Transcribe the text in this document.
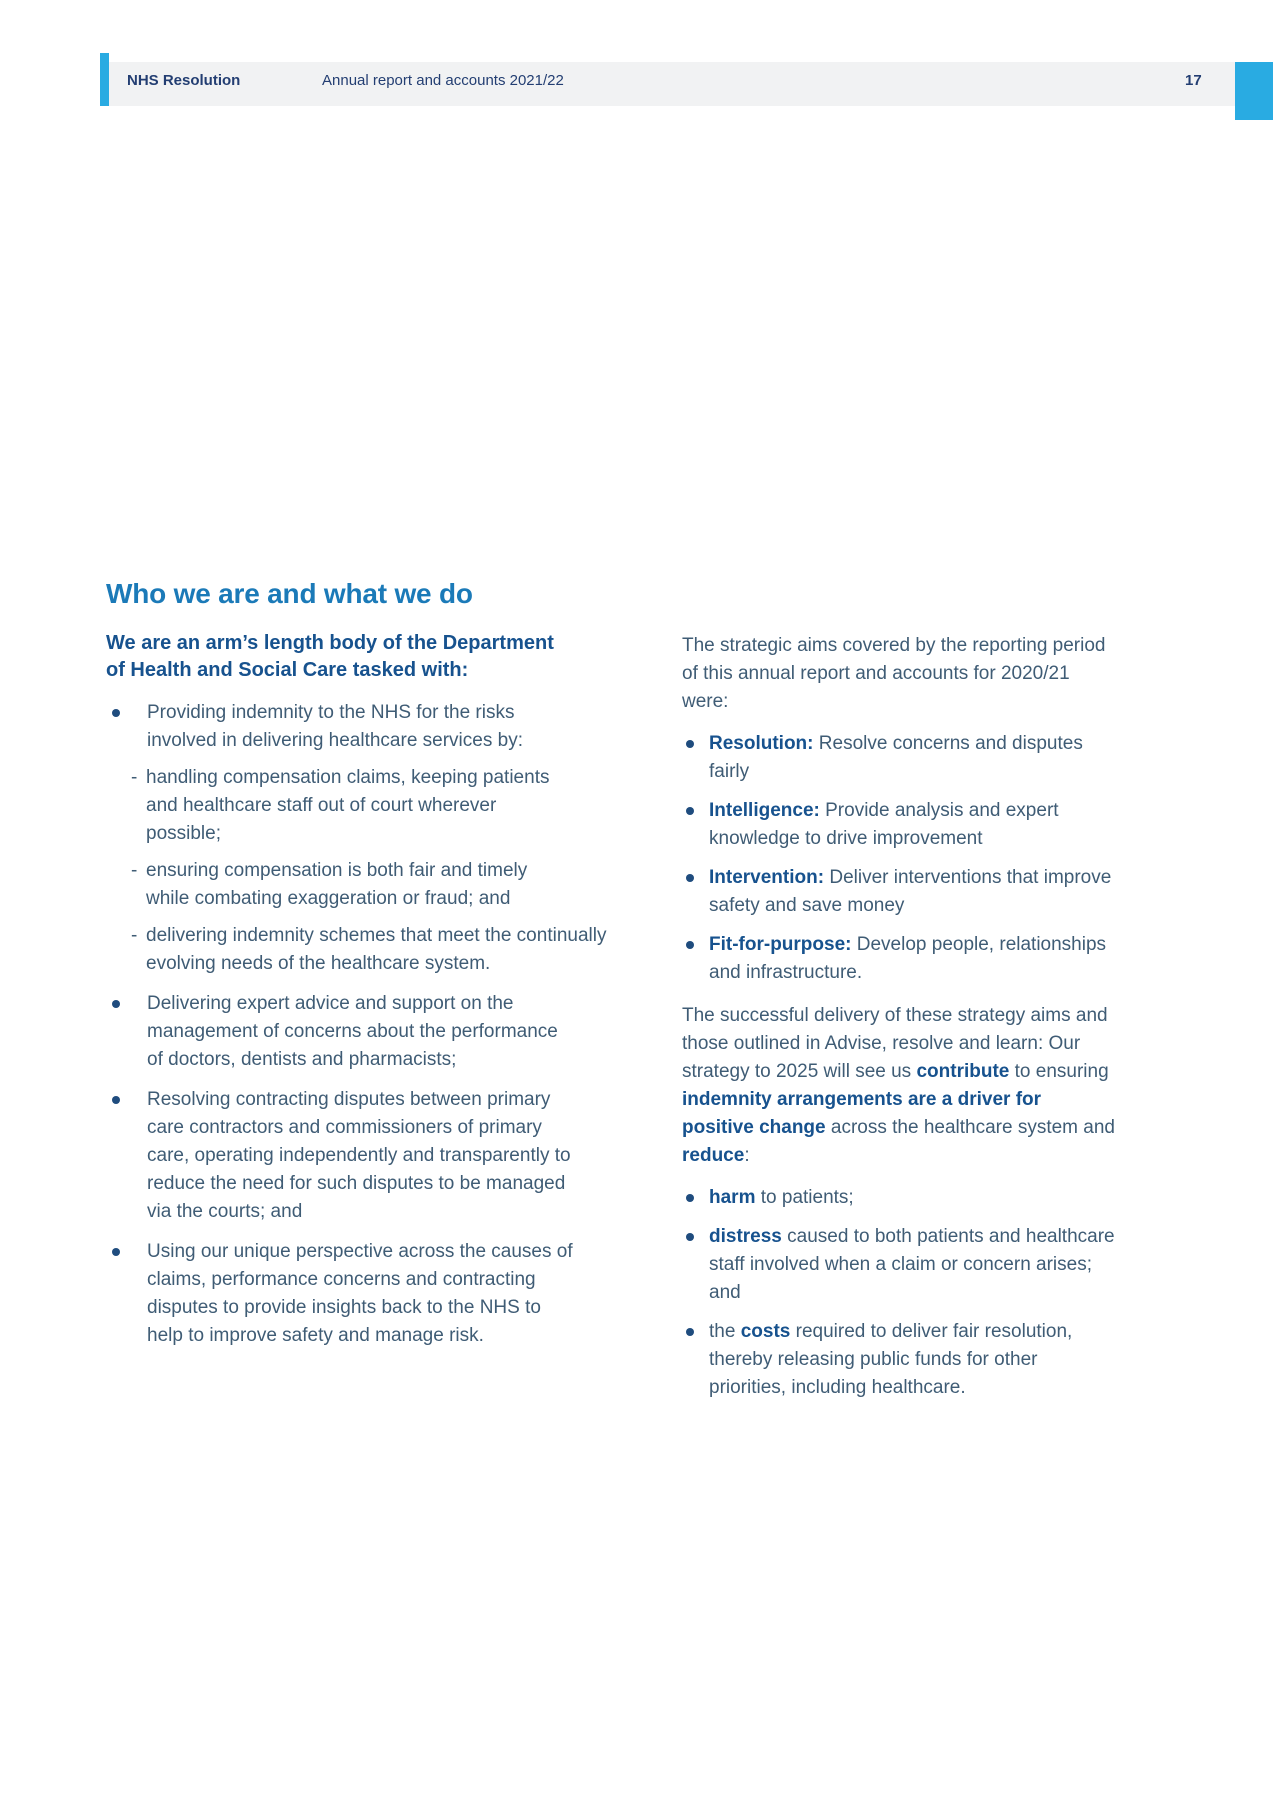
NHS Resolution	Annual report and accounts 2021/22	17
Who we are and what we do

We are an arm’s length body of the Department of Health and Social Care tasked with:

Providing indemnity to the NHS for the risks involved in delivering healthcare services by:

- handling compensation claims, keeping patients and healthcare staff out of court wherever possible;

- ensuring compensation is both fair and timely while combating exaggeration or fraud; and

- delivering indemnity schemes that meet the continually evolving needs of the healthcare system.

Delivering expert advice and support on the management of concerns about the performance of doctors, dentists and pharmacists;

Resolving contracting disputes between primary care contractors and commissioners of primary care, operating independently and transparently to reduce the need for such disputes to be managed via the courts; and

Using our unique perspective across the causes of claims, performance concerns and contracting disputes to provide insights back to the NHS to help to improve safety and manage risk.

The strategic aims covered by the reporting period of this annual report and accounts for 2020/21 were:

Resolution: Resolve concerns and disputes fairly

Intelligence: Provide analysis and expert knowledge to drive improvement

Intervention: Deliver interventions that improve safety and save money

Fit-for-purpose: Develop people, relationships and infrastructure.

The successful delivery of these strategy aims and those outlined in Advise, resolve and learn: Our strategy to 2025 will see us contribute to ensuring indemnity arrangements are a driver for positive change across the healthcare system and reduce:

harm to patients;

distress caused to both patients and healthcare staff involved when a claim or concern arises; and

the costs required to deliver fair resolution, thereby releasing public funds for other priorities, including healthcare.
